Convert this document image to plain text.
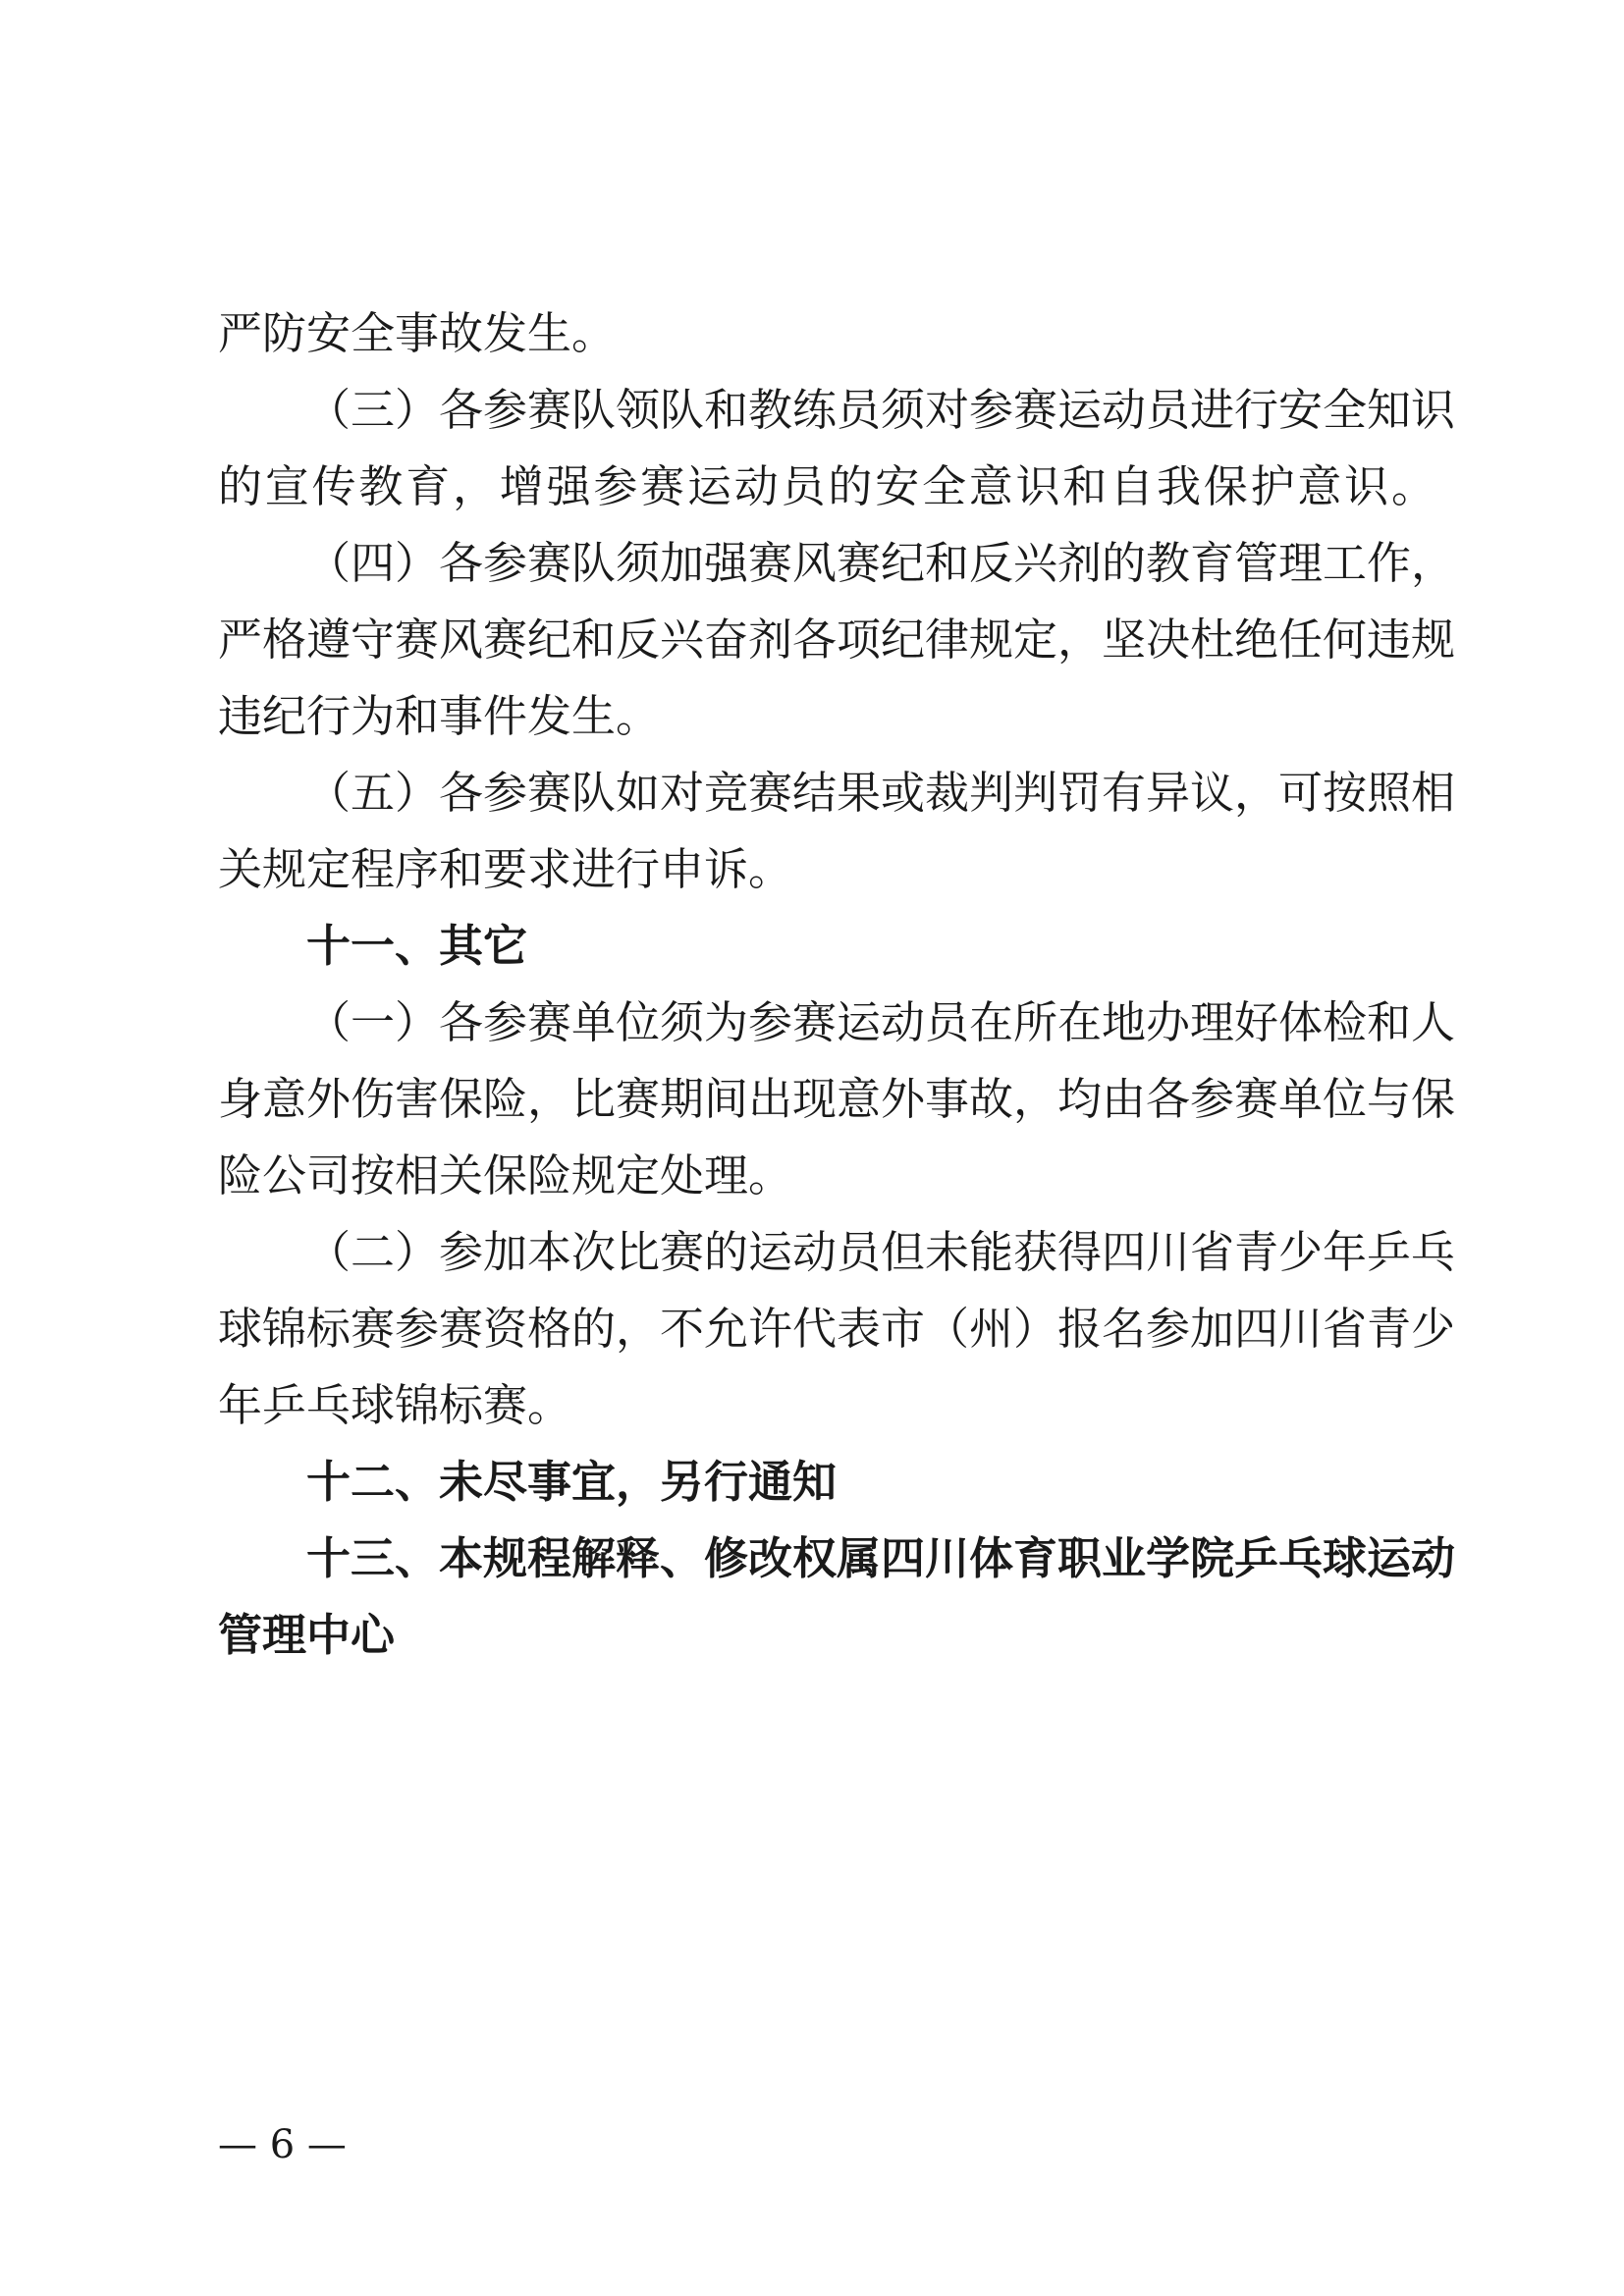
严防安全事故发生。
（三）各参赛队领队和教练员须对参赛运动员进行安全知识
的宣传教育，增强参赛运动员的安全意识和自我保护意识。
（四）各参赛队须加强赛风赛纪和反兴剂的教育管理工作，
严格遵守赛风赛纪和反兴奋剂各项纪律规定，坚决杜绝任何违规
违纪行为和事件发生。
（五）各参赛队如对竞赛结果或裁判判罚有异议，可按照相
关规定程序和要求进行申诉。
十一、其它
（一）各参赛单位须为参赛运动员在所在地办理好体检和人
身意外伤害保险，比赛期间出现意外事故，均由各参赛单位与保
险公司按相关保险规定处理。
（二）参加本次比赛的运动员但未能获得四川省青少年乒乓
球锦标赛参赛资格的，不允许代表市（州）报名参加四川省青少
年乒乓球锦标赛。
十二、未尽事宜，另行通知
十三、本规程解释、修改权属四川体育职业学院乒乓球运动
管理中心
— 6 —
